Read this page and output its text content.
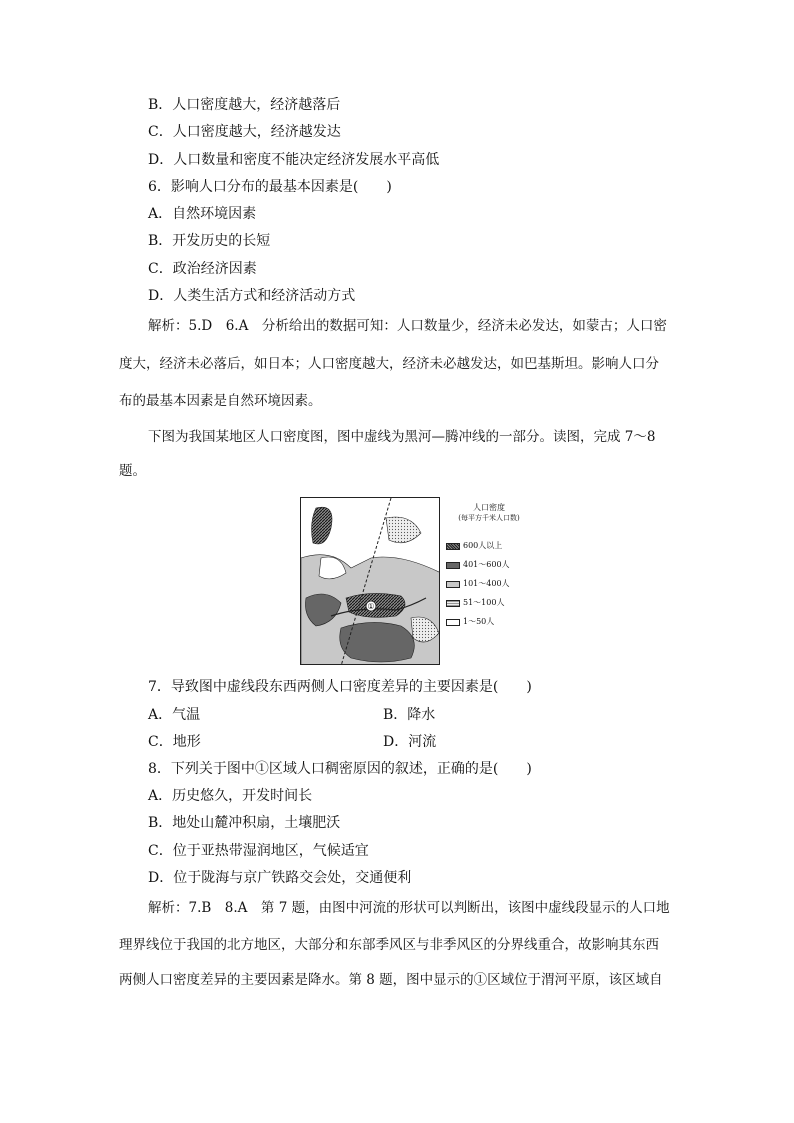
B．人口密度越大，经济越落后
C．人口密度越大，经济越发达
D．人口数量和密度不能决定经济发展水平高低
6．影响人口分布的最基本因素是(　　)
A．自然环境因素
B．开发历史的长短
C．政治经济因素
D．人类生活方式和经济活动方式
解析：5.D　6.A　分析给出的数据可知：人口数量少，经济未必发达，如蒙古；人口密
度大，经济未必落后，如日本；人口密度越大，经济未必越发达，如巴基斯坦。影响人口分
布的最基本因素是自然环境因素。
下图为我国某地区人口密度图，图中虚线为黑河—腾冲线的一部分。读图，完成 7～8
题。
①
人口密度
(每平方千米人口数)
600人以上
401～600人
101～400人
51～100人
1～50人
7．导致图中虚线段东西两侧人口密度差异的主要因素是(　　)
A．气温	B．降水
C．地形	D．河流
8．下列关于图中①区域人口稠密原因的叙述，正确的是(　　)
A．历史悠久，开发时间长
B．地处山麓冲积扇，土壤肥沃
C．位于亚热带湿润地区，气候适宜
D．位于陇海与京广铁路交会处，交通便利
解析：7.B　8.A　第 7 题，由图中河流的形状可以判断出，该图中虚线段显示的人口地
理界线位于我国的北方地区，大部分和东部季风区与非季风区的分界线重合，故影响其东西
两侧人口密度差异的主要因素是降水。第 8 题，图中显示的①区域位于渭河平原，该区域自
